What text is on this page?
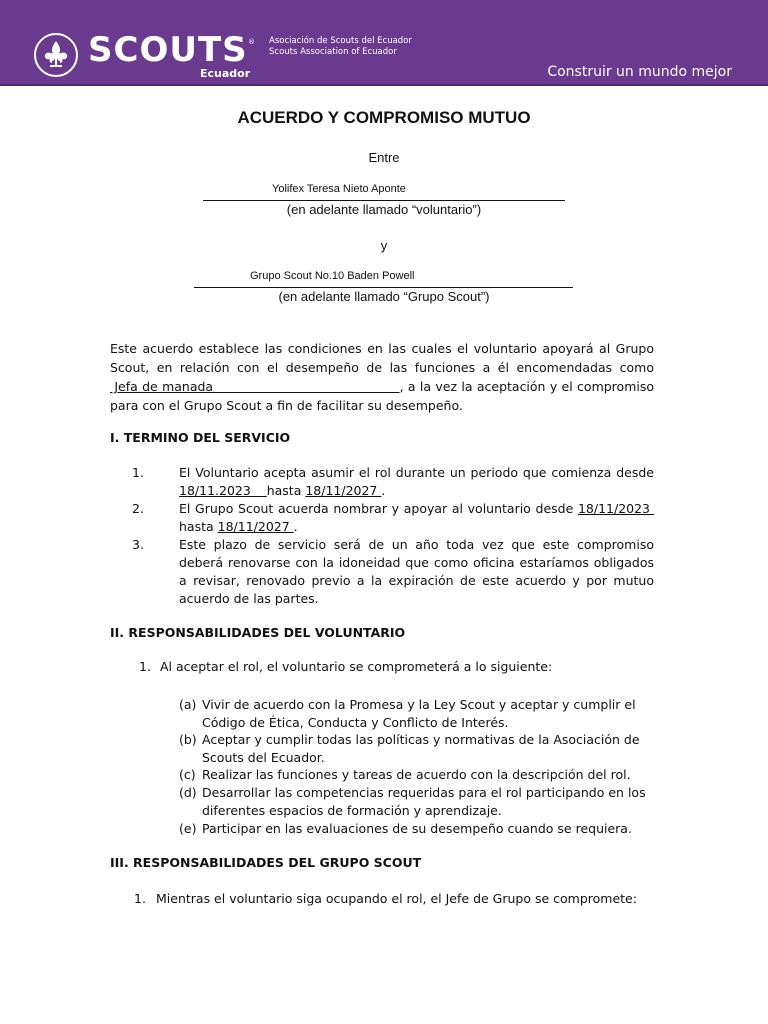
SCOUTS ®
Ecuador
Asociación de Scouts del Ecuador
Scouts Association of Ecuador
Construir un mundo mejor
ACUERDO Y COMPROMISO MUTUO
Entre
Yolifex Teresa Nieto Aponte
(en adelante llamado “voluntario”)
y
Grupo Scout No.10 Baden Powell
(en adelante llamado “Grupo Scout”)
Este acuerdo establece las condiciones en las cuales el voluntario apoyará al Grupo Scout, en relación con el desempeño de las funciones a él encomendadas como  Jefa de manada                                           , a la vez la aceptación y el compromiso para con el Grupo Scout a fin de facilitar su desempeño.
I. TERMINO DEL SERVICIO
1.	El Voluntario acepta asumir el rol durante un periodo que comienza desde 18/11.2023    hasta 18/11/2027 .
2.	El Grupo Scout acuerda nombrar y apoyar al voluntario desde 18/11/2023  hasta 18/11/2027 .
3.	Este plazo de servicio será de un año toda vez que este compromiso deberá renovarse con la idoneidad que como oficina estaríamos obligados a revisar, renovado previo a la expiración de este acuerdo y por mutuo acuerdo de las partes.
II. RESPONSABILIDADES DEL VOLUNTARIO
1. Al aceptar el rol, el voluntario se comprometerá a lo siguiente:
(a) Vivir de acuerdo con la Promesa y la Ley Scout y aceptar y cumplir el Código de Ética, Conducta y Conflicto de Interés.
(b) Aceptar y cumplir todas las políticas y normativas de la Asociación de Scouts del Ecuador.
(c) Realizar las funciones y tareas de acuerdo con la descripción del rol.
(d) Desarrollar las competencias requeridas para el rol participando en los diferentes espacios de formación y aprendizaje.
(e) Participar en las evaluaciones de su desempeño cuando se requiera.
III. RESPONSABILIDADES DEL GRUPO SCOUT
1. Mientras el voluntario siga ocupando el rol, el Jefe de Grupo se compromete:
